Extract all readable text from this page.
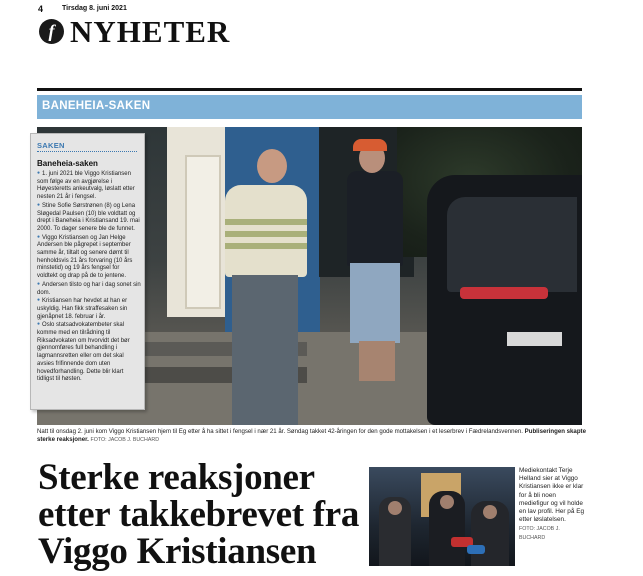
4	Tirsdag 8. juni 2021
f NYHETER
BANEHEIA-SAKEN
SAKEN
Baneheia-saken

● 1. juni 2021 ble Viggo Kristiansen som følge av en avgjørelse i Høyesteretts ankeutvalg, løslatt etter nesten 21 år i fengsel.

● Stine Sofie Sørstrønen (8) og Lena Sløgedal Paulsen (10) ble voldtatt og drept i Baneheia i Kristiansand 19. mai 2000. To dager senere ble de funnet.

● Viggo Kristiansen og Jan Helge Andersen ble pågrepet i september samme år, tiltalt og senere dømt til henholdsvis 21 års forvaring (10 års minstetid) og 19 års fengsel for voldtekt og drap på de to jentene.

● Andersen tilsto og har i dag sonet sin dom.

● Kristiansen har hevdet at han er uskyldig. Han fikk straffesaken sin gjenåpnet 18. februar i år.

● Oslo statsadvokatembeter skal komme med en tilrådning til Riksadvokaten om hvorvidt det bør gjennomføres full behandling i lagmannsretten eller om det skal avsies frifinnende dom uten hovedforhandling. Dette blir klart tidligst til høsten.

Natt til onsdag 2. juni kom Viggo Kristiansen hjem til Eg etter å ha sittet i fengsel i nær 21 år. Søndag takket 42-åringen for den gode mottakelsen i et leserbrev i Fædrelandsvennen. Publiseringen skapte sterke reaksjoner. FOTO: JACOB J. BUCHARD
Sterke reaksjoner
etter takkebrevet fra
Viggo Kristiansen
Mediekontakt Terje Helland sier at Viggo Kristiansen ikke er klar for å bli noen mediefigur og vil holde en lav profil. Her på Eg etter løslatelsen.
FOTO: JACOB J. BUCHARD
